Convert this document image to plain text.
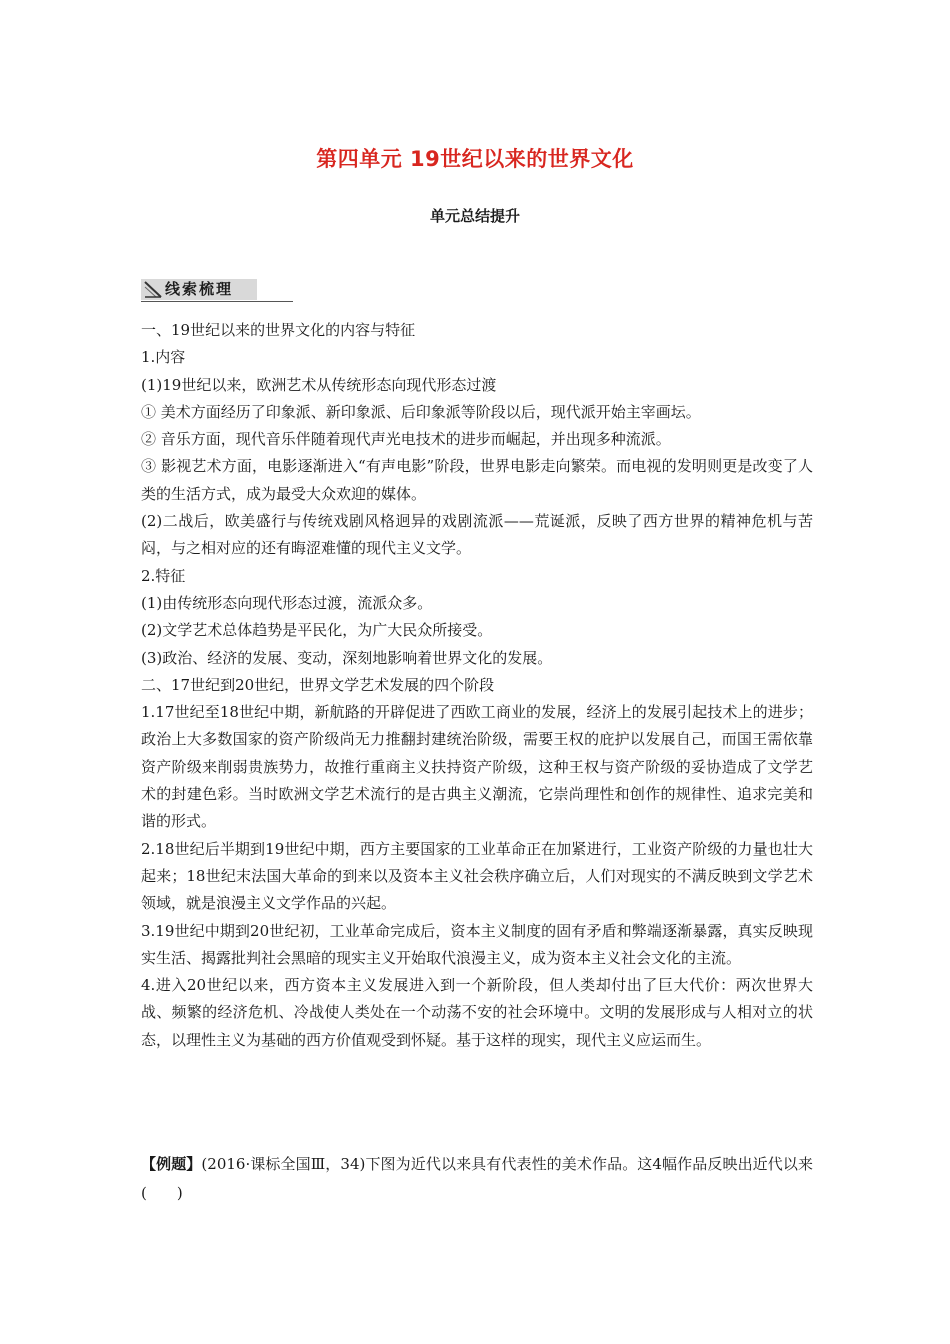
第四单元 19世纪以来的世界文化
单元总结提升
线索梳理

一、19世纪以来的世界文化的内容与特征

1.内容

(1)19世纪以来，欧洲艺术从传统形态向现代形态过渡

① 美术方面经历了印象派、新印象派、后印象派等阶段以后，现代派开始主宰画坛。

② 音乐方面，现代音乐伴随着现代声光电技术的进步而崛起，并出现多种流派。

③ 影视艺术方面，电影逐渐进入“有声电影”阶段，世界电影走向繁荣。而电视的发明则更是改变了人类的生活方式，成为最受大众欢迎的媒体。

(2)二战后，欧美盛行与传统戏剧风格迥异的戏剧流派——荒诞派，反映了西方世界的精神危机与苦闷，与之相对应的还有晦涩难懂的现代主义文学。

2.特征

(1)由传统形态向现代形态过渡，流派众多。

(2)文学艺术总体趋势是平民化，为广大民众所接受。

(3)政治、经济的发展、变动，深刻地影响着世界文化的发展。

二、17世纪到20世纪，世界文学艺术发展的四个阶段

1.17世纪至18世纪中期，新航路的开辟促进了西欧工商业的发展，经济上的发展引起技术上的进步；政治上大多数国家的资产阶级尚无力推翻封建统治阶级，需要王权的庇护以发展自己，而国王需依靠资产阶级来削弱贵族势力，故推行重商主义扶持资产阶级，这种王权与资产阶级的妥协造成了文学艺术的封建色彩。当时欧洲文学艺术流行的是古典主义潮流，它崇尚理性和创作的规律性、追求完美和谐的形式。

2.18世纪后半期到19世纪中期，西方主要国家的工业革命正在加紧进行，工业资产阶级的力量也壮大起来；18世纪末法国大革命的到来以及资本主义社会秩序确立后，人们对现实的不满反映到文学艺术领域，就是浪漫主义文学作品的兴起。

3.19世纪中期到20世纪初，工业革命完成后，资本主义制度的固有矛盾和弊端逐渐暴露，真实反映现实生活、揭露批判社会黑暗的现实主义开始取代浪漫主义，成为资本主义社会文化的主流。

4.进入20世纪以来，西方资本主义发展进入到一个新阶段，但人类却付出了巨大代价：两次世界大战、频繁的经济危机、冷战使人类处在一个动荡不安的社会环境中。文明的发展形成与人相对立的状态，以理性主义为基础的西方价值观受到怀疑。基于这样的现实，现代主义应运而生。

【例题】(2016·课标全国Ⅲ，34)下图为近代以来具有代表性的美术作品。这4幅作品反映出近代以来(　　)
